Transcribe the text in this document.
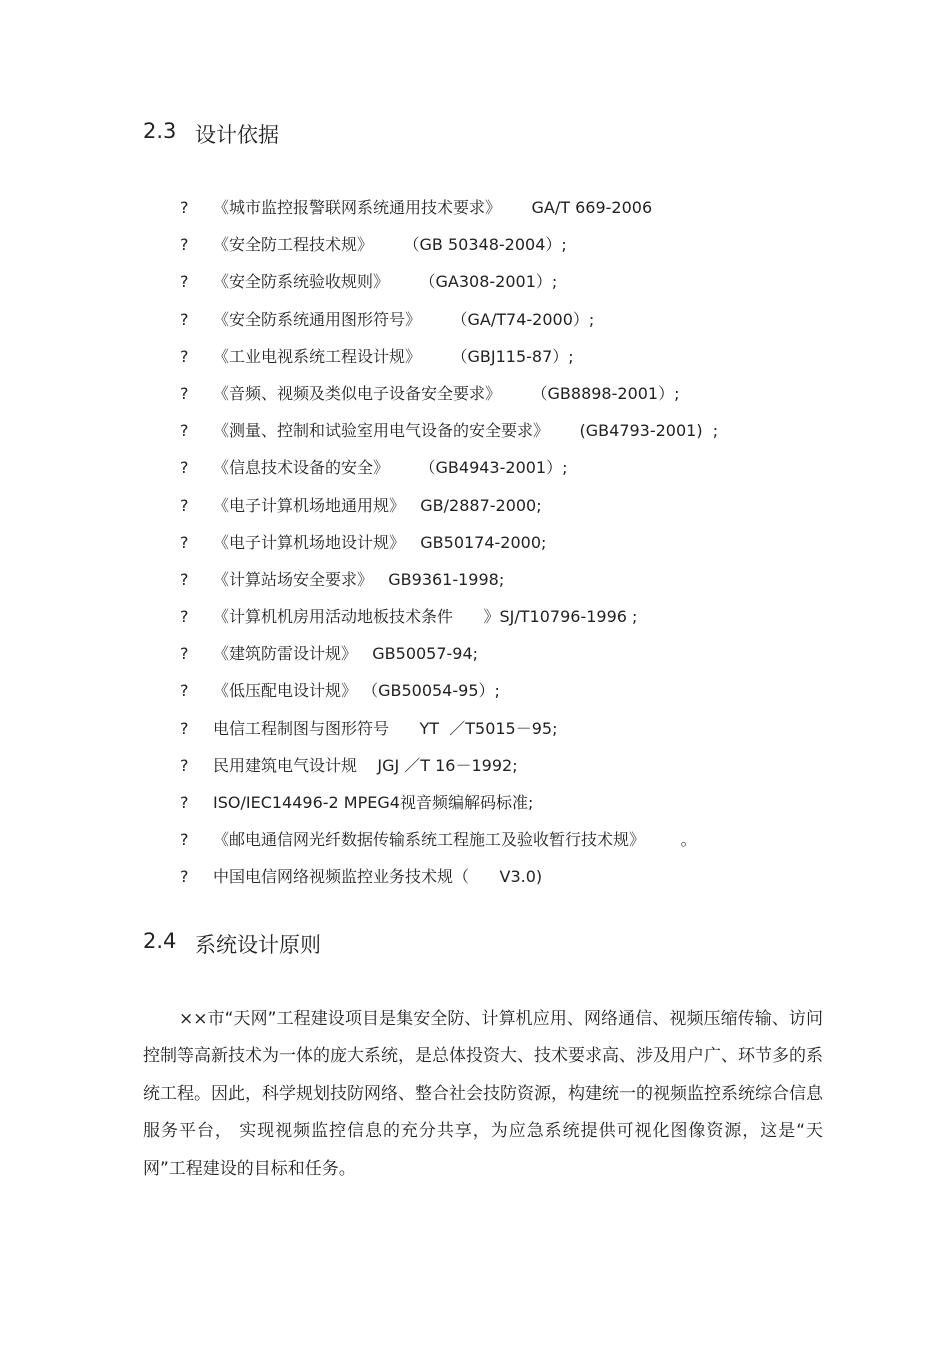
2.3 设计依据
?	《城市监控报警联网系统通用技术要求》      GA/T 669-2006
?	《安全防工程技术规》      （GB 50348-2004）;
?	《安全防系统验收规则》      （GA308-2001）;
?	《安全防系统通用图形符号》      （GA/T74-2000）;
?	《工业电视系统工程设计规》      （GBJ115-87）;
?	《音频、视频及类似电子设备安全要求》      （GB8898-2001）;
?	《测量、控制和试验室用电气设备的安全要求》      (GB4793-2001)  ;
?	《信息技术设备的安全》      （GB4943-2001）;
?	《电子计算机场地通用规》   GB/2887-2000;
?	《电子计算机场地设计规》   GB50174-2000;
?	《计算站场安全要求》   GB9361-1998;
?	《计算机机房用活动地板技术条件      》SJ/T10796-1996 ;
?	《建筑防雷设计规》   GB50057-94;
?	《低压配电设计规》 （GB50054-95）;
?	电信工程制图与图形符号      YT  ／T5015－95;
?	民用建筑电气设计规    JGJ ／T 16－1992;
?	ISO/IEC14496-2 MPEG4视音频编解码标准;
?	《邮电通信网光纤数据传输系统工程施工及验收暂行技术规》       。
?	中国电信网络视频监控业务技术规（      V3.0)
2.4 系统设计原则

××市“天网”工程建设项目是集安全防、计算机应用、网络通信、视频压缩传输、访问控制等高新技术为一体的庞大系统，是总体投资大、技术要求高、涉及用户广、环节多的系统工程。因此，科学规划技防网络、整合社会技防资源，构建统一的视频监控系统综合信息服务平台， 实现视频监控信息的充分共享，为应急系统提供可视化图像资源，这是“天网”工程建设的目标和任务。
